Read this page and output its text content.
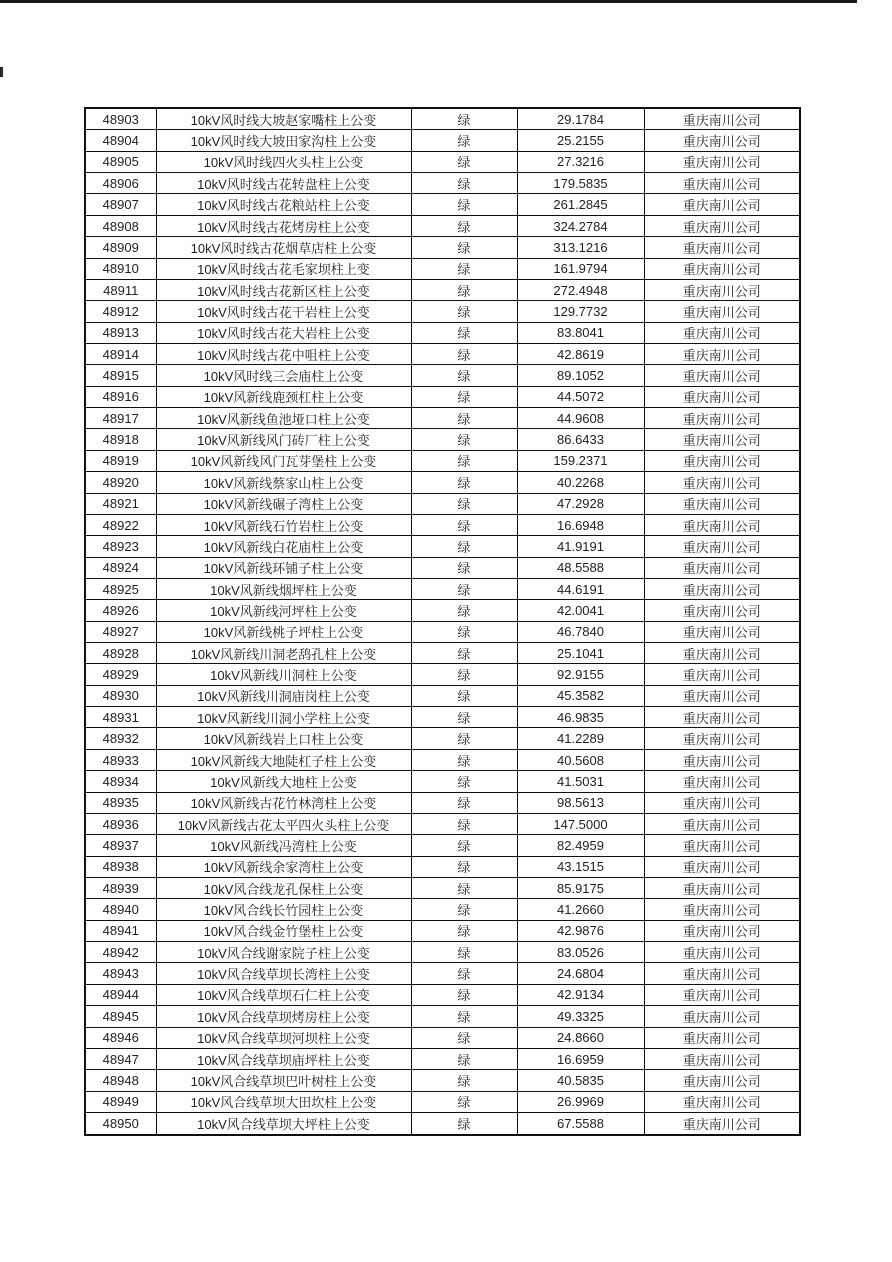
48903	10kV风时线大坡赵家嘴柱上公变	绿	29.1784	重庆南川公司
48904	10kV风时线大坡田家沟柱上公变	绿	25.2155	重庆南川公司
48905	10kV风时线四火头柱上公变	绿	27.3216	重庆南川公司
48906	10kV风时线古花转盘柱上公变	绿	179.5835	重庆南川公司
48907	10kV风时线古花粮站柱上公变	绿	261.2845	重庆南川公司
48908	10kV风时线古花烤房柱上公变	绿	324.2784	重庆南川公司
48909	10kV风时线古花烟草店柱上公变	绿	313.1216	重庆南川公司
48910	10kV风时线古花毛家坝柱上变	绿	161.9794	重庆南川公司
48911	10kV风时线古花新区柱上公变	绿	272.4948	重庆南川公司
48912	10kV风时线古花干岩柱上公变	绿	129.7732	重庆南川公司
48913	10kV风时线古花大岩柱上公变	绿	83.8041	重庆南川公司
48914	10kV风时线古花中咀柱上公变	绿	42.8619	重庆南川公司
48915	10kV风时线三会庙柱上公变	绿	89.1052	重庆南川公司
48916	10kV风新线鹿颈杠柱上公变	绿	44.5072	重庆南川公司
48917	10kV风新线鱼池垭口柱上公变	绿	44.9608	重庆南川公司
48918	10kV风新线风门砖厂柱上公变	绿	86.6433	重庆南川公司
48919	10kV风新线风门瓦芽堡柱上公变	绿	159.2371	重庆南川公司
48920	10kV风新线蔡家山柱上公变	绿	40.2268	重庆南川公司
48921	10kV风新线碾子湾柱上公变	绿	47.2928	重庆南川公司
48922	10kV风新线石竹岩柱上公变	绿	16.6948	重庆南川公司
48923	10kV风新线白花庙柱上公变	绿	41.9191	重庆南川公司
48924	10kV风新线环铺子柱上公变	绿	48.5588	重庆南川公司
48925	10kV风新线烟坪柱上公变	绿	44.6191	重庆南川公司
48926	10kV风新线河坪柱上公变	绿	42.0041	重庆南川公司
48927	10kV风新线桃子坪柱上公变	绿	46.7840	重庆南川公司
48928	10kV风新线川洞老鸹孔柱上公变	绿	25.1041	重庆南川公司
48929	10kV风新线川洞柱上公变	绿	92.9155	重庆南川公司
48930	10kV风新线川洞庙岗柱上公变	绿	45.3582	重庆南川公司
48931	10kV风新线川洞小学柱上公变	绿	46.9835	重庆南川公司
48932	10kV风新线岩上口柱上公变	绿	41.2289	重庆南川公司
48933	10kV风新线大地陡杠子柱上公变	绿	40.5608	重庆南川公司
48934	10kV风新线大地柱上公变	绿	41.5031	重庆南川公司
48935	10kV风新线古花竹林湾柱上公变	绿	98.5613	重庆南川公司
48936	10kV风新线古花太平四火头柱上公变	绿	147.5000	重庆南川公司
48937	10kV风新线冯湾柱上公变	绿	82.4959	重庆南川公司
48938	10kV风新线余家湾柱上公变	绿	43.1515	重庆南川公司
48939	10kV风合线龙孔保柱上公变	绿	85.9175	重庆南川公司
48940	10kV风合线长竹园柱上公变	绿	41.2660	重庆南川公司
48941	10kV风合线金竹堡柱上公变	绿	42.9876	重庆南川公司
48942	10kV风合线谢家院子柱上公变	绿	83.0526	重庆南川公司
48943	10kV风合线草坝长湾柱上公变	绿	24.6804	重庆南川公司
48944	10kV风合线草坝石仁柱上公变	绿	42.9134	重庆南川公司
48945	10kV风合线草坝烤房柱上公变	绿	49.3325	重庆南川公司
48946	10kV风合线草坝河坝柱上公变	绿	24.8660	重庆南川公司
48947	10kV风合线草坝庙坪柱上公变	绿	16.6959	重庆南川公司
48948	10kV风合线草坝巴叶树柱上公变	绿	40.5835	重庆南川公司
48949	10kV风合线草坝大田坎柱上公变	绿	26.9969	重庆南川公司
48950	10kV风合线草坝大坪柱上公变	绿	67.5588	重庆南川公司
